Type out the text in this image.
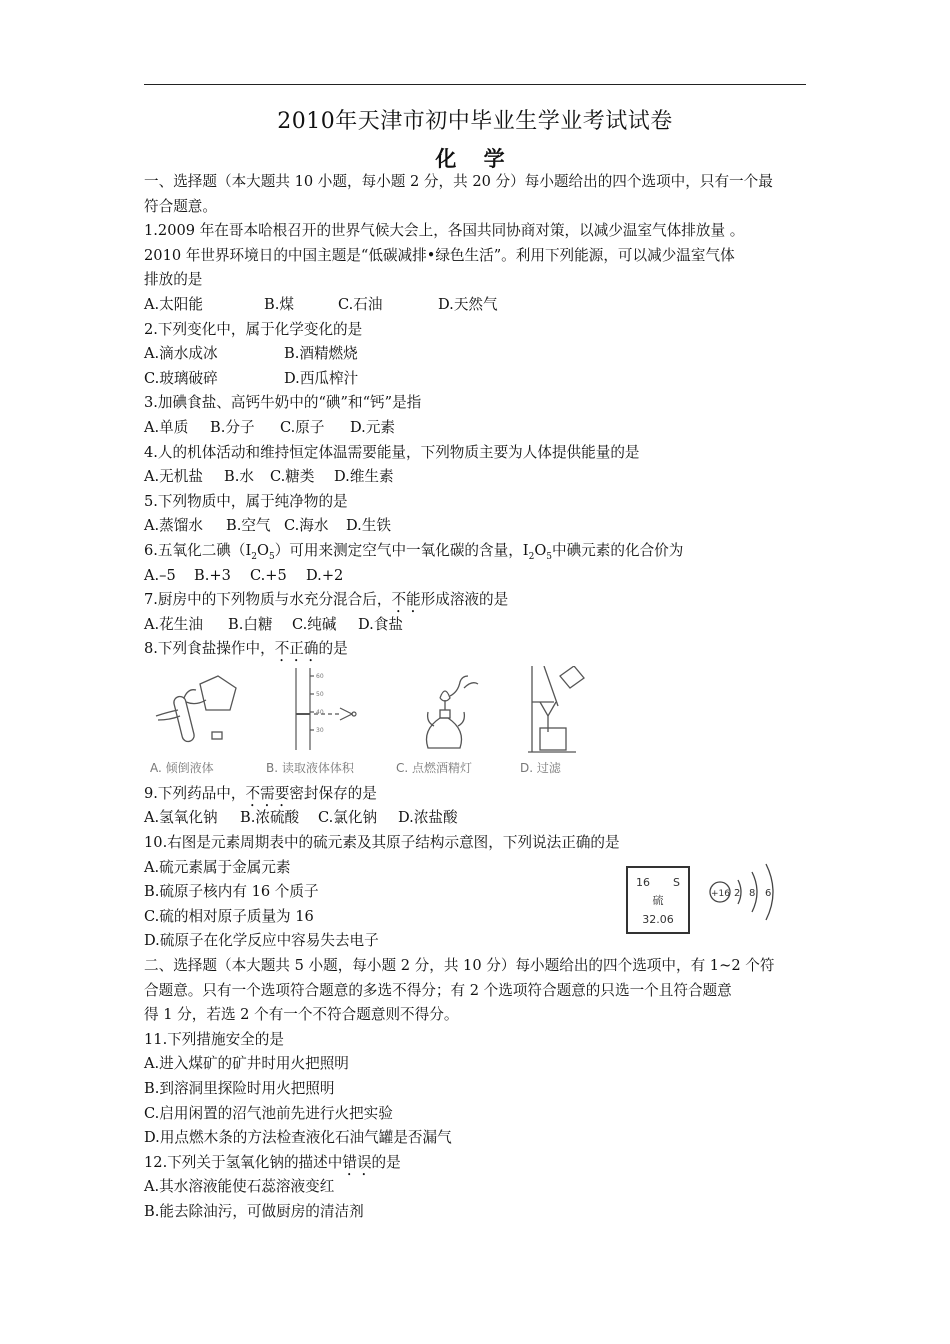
2010年天津市初中毕业生学业考试试卷
化 学
一、选择题（本大题共 10 小题，每小题 2 分，共 20 分）每小题给出的四个选项中，只有一个最
符合题意。
1.2009 年在哥本哈根召开的世界气候大会上，各国共同协商对策，以减少温室气体排放量 。
2010 年世界环境日的中国主题是“低碳减排•绿色生活”。利用下列能源，可以减少温室气体
排放的是
A.太阳能	B.煤	C.石油	D.天然气
2.下列变化中，属于化学变化的是
A.滴水成冰	B.酒精燃烧
C.玻璃破碎	D.西瓜榨汁
3.加碘食盐、高钙牛奶中的“碘”和“钙”是指
A.单质 B.分子 C.原子 D.元素
4.人的机体活动和维持恒定体温需要能量，下列物质主要为人体提供能量的是
A.无机盐 B.水 C.糖类 D.维生素
5.下列物质中，属于纯净物的是
A.蒸馏水 B.空气 C.海水 D.生铁
6.五氧化二碘$(I_2O_5)$可用来测定空气中一氧化碳的含量，$I_2O_5$中碘元素的化合价为
A.–5 B.+3 C.+5 D.+2
7.厨房中的下列物质与水充分混合后，不能形成溶液的是
A.花生油 B.白糖 C.纯碱 D.食盐
8.下列食盐操作中，不正确的是
A. 倾倒液体
60
50
40
30
B. 读取液体体积	C. 点燃酒精灯	D. 过滤
9.下列药品中，不需要密封保存的是
A.氢氧化钠 B.浓硫酸 C.氯化钠 D.浓盐酸
10.右图是元素周期表中的硫元素及其原子结构示意图，下列说法正确的是
A.硫元素属于金属元素
B.硫原子核内有 16 个质子
C.硫的相对原子质量为 16
D.硫原子在化学反应中容易失去电子
16 S
硫
32.06
+16 2 8 6
二、选择题（本大题共 5 小题，每小题 2 分，共 10 分）每小题给出的四个选项中，有 1~2 个符
合题意。只有一个选项符合题意的多选不得分；有 2 个选项符合题意的只选一个且符合题意
得 1 分，若选 2 个有一个不符合题意则不得分。
11.下列措施安全的是
A.进入煤矿的矿井时用火把照明
B.到溶洞里探险时用火把照明
C.启用闲置的沼气池前先进行火把实验
D.用点燃木条的方法检查液化石油气罐是否漏气
12.下列关于氢氧化钠的描述中错误的是
A.其水溶液能使石蕊溶液变红
B.能去除油污，可做厨房的清洁剂
